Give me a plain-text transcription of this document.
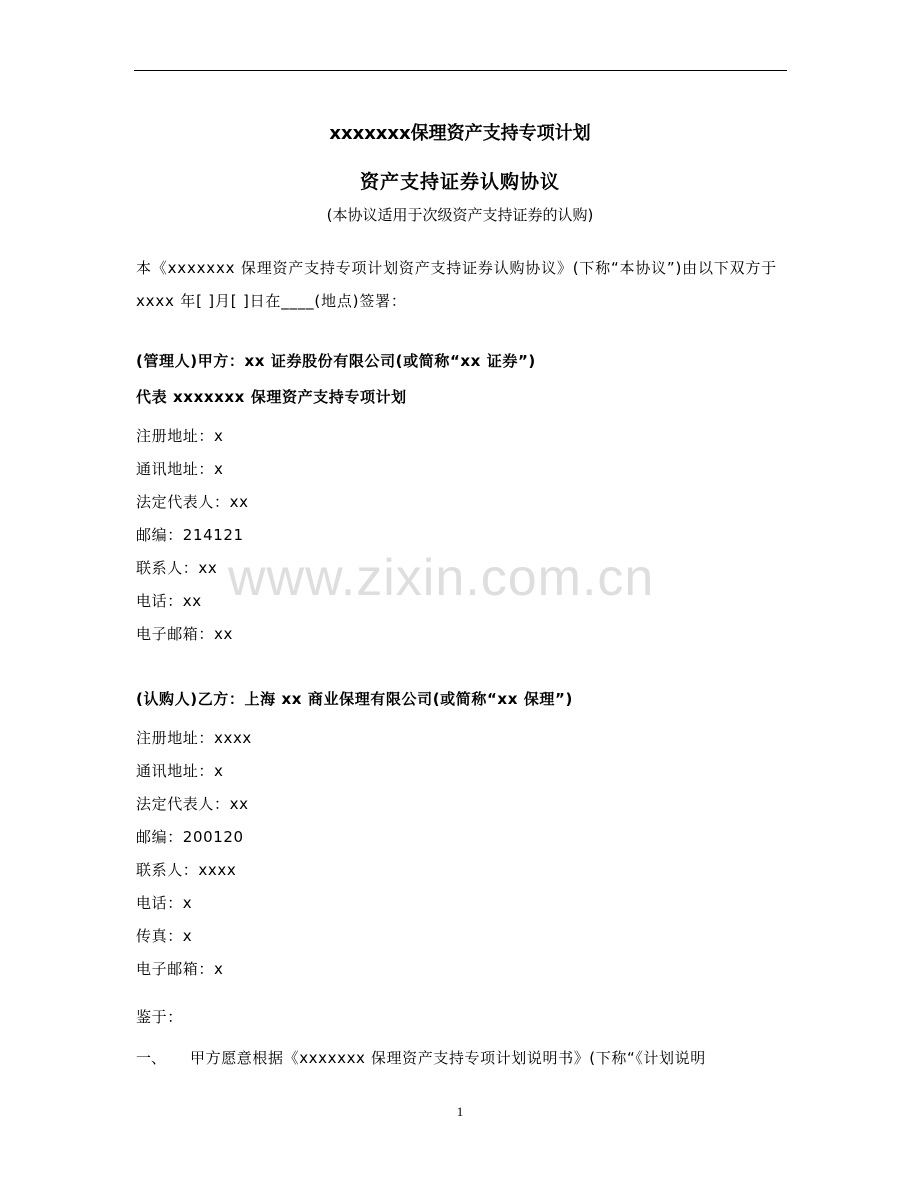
xxxxxxx保理资产支持专项计划
资产支持证券认购协议
(本协议适用于次级资产支持证券的认购)
本《xxxxxxx 保理资产支持专项计划资产支持证券认购协议》(下称“本协议”)由以下双方于 xxxx 年[ ]月[ ]日在____(地点)签署：
(管理人)甲方：xx 证券股份有限公司(或简称“xx 证券”)
代表 xxxxxxx 保理资产支持专项计划
注册地址：x
通讯地址：x
法定代表人：xx
邮编：214121
联系人：xx
电话：xx
电子邮箱：xx
(认购人)乙方：上海 xx 商业保理有限公司(或简称“xx 保理”)
注册地址：xxxx
通讯地址：x
法定代表人：xx
邮编：200120
联系人：xxxx
电话：x
传真：x
电子邮箱：x
鉴于：
一、 甲方愿意根据《xxxxxxx 保理资产支持专项计划说明书》(下称“《计划说明
www.zixin.com.cn
1
